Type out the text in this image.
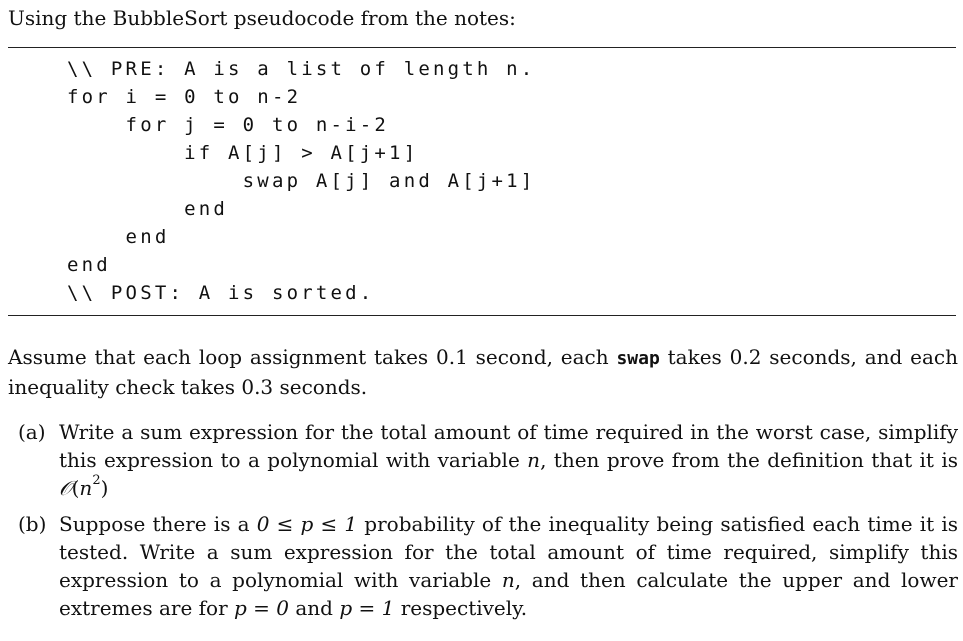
Using the BubbleSort pseudocode from the notes:
\\ PRE: A is a list of length n.
for i = 0 to n-2
for j = 0 to n-i-2
if A[j] > A[j+1]
swap A[j] and A[j+1]
end
end
end
\\ POST: A is sorted.
Assume that each loop assignment takes 0.1 second, each swap takes 0.2 seconds, and each inequality check takes 0.3 seconds.
(a) Write a sum expression for the total amount of time required in the worst case, simplify this expression to a polynomial with variable n, then prove from the definition that it is $𝒪(n^2)$
(b) Suppose there is a 0 ≤ p ≤ 1 probability of the inequality being satisfied each time it is tested. Write a sum expression for the total amount of time required, simplify this expression to a polynomial with variable n, and then calculate the upper and lower extremes are for p = 0 and p = 1 respectively.
